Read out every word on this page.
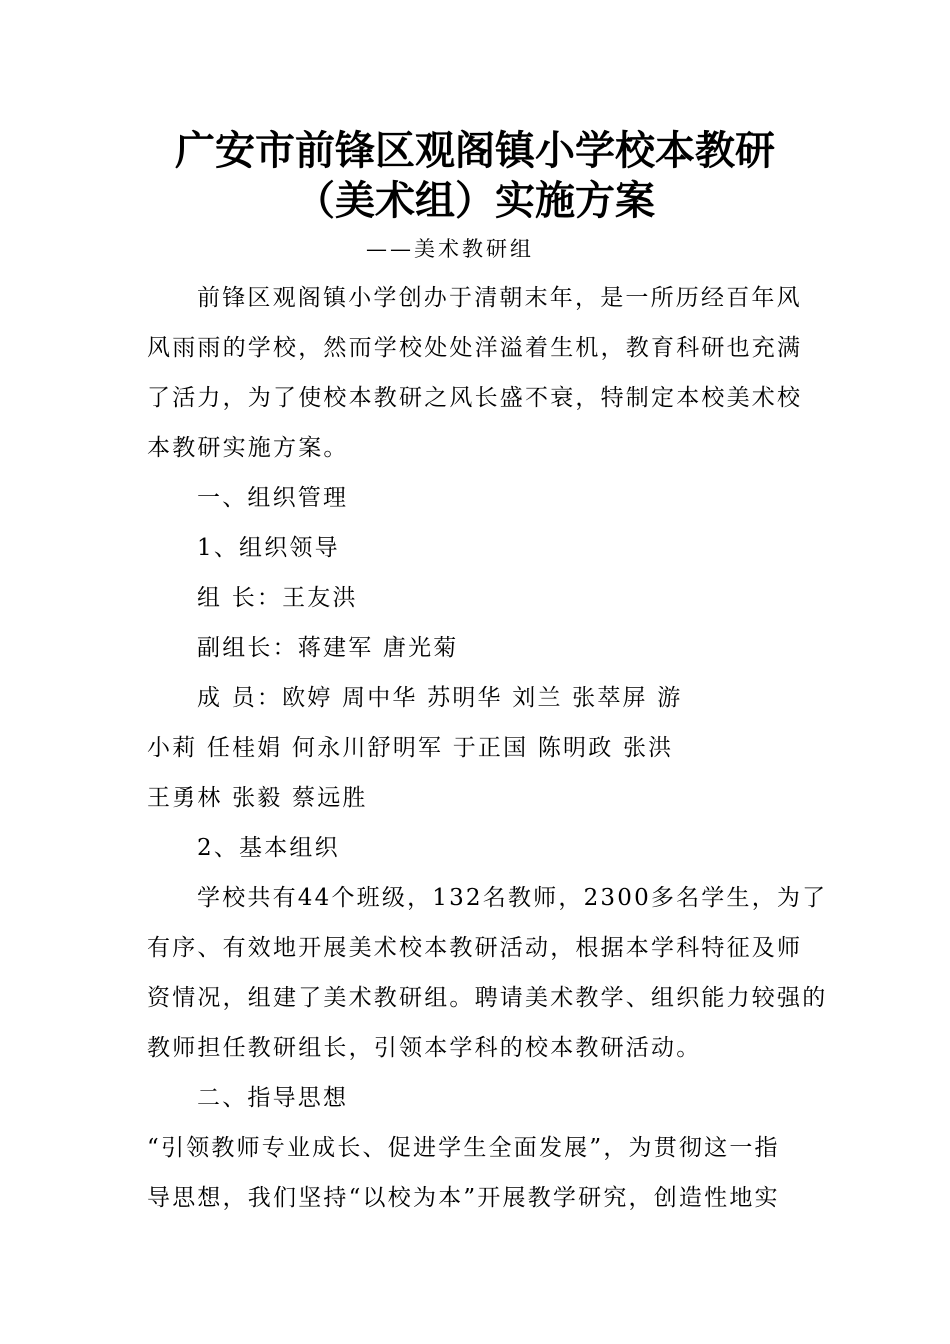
广安市前锋区观阁镇小学校本教研
（美术组）实施方案
——美术教研组
前锋区观阁镇小学创办于清朝末年，是一所历经百年风
风雨雨的学校，然而学校处处洋溢着生机，教育科研也充满
了活力，为了使校本教研之风长盛不衰，特制定本校美术校
本教研实施方案。
一、组织管理
1、组织领导
组 长：王友洪
副组长：蒋建军 唐光菊
成 员：欧婷 周中华 苏明华 刘兰 张萃屏 游
小莉 任桂娟 何永川舒明军 于正国 陈明政 张洪
王勇林 张毅 蔡远胜
2、基本组织
学校共有44个班级，132名教师，2300多名学生，为了
有序、有效地开展美术校本教研活动，根据本学科特征及师
资情况，组建了美术教研组。聘请美术教学、组织能力较强的
教师担任教研组长，引领本学科的校本教研活动。
二、指导思想
“引领教师专业成长、促进学生全面发展”，为贯彻这一指
导思想，我们坚持“以校为本”开展教学研究，创造性地实
